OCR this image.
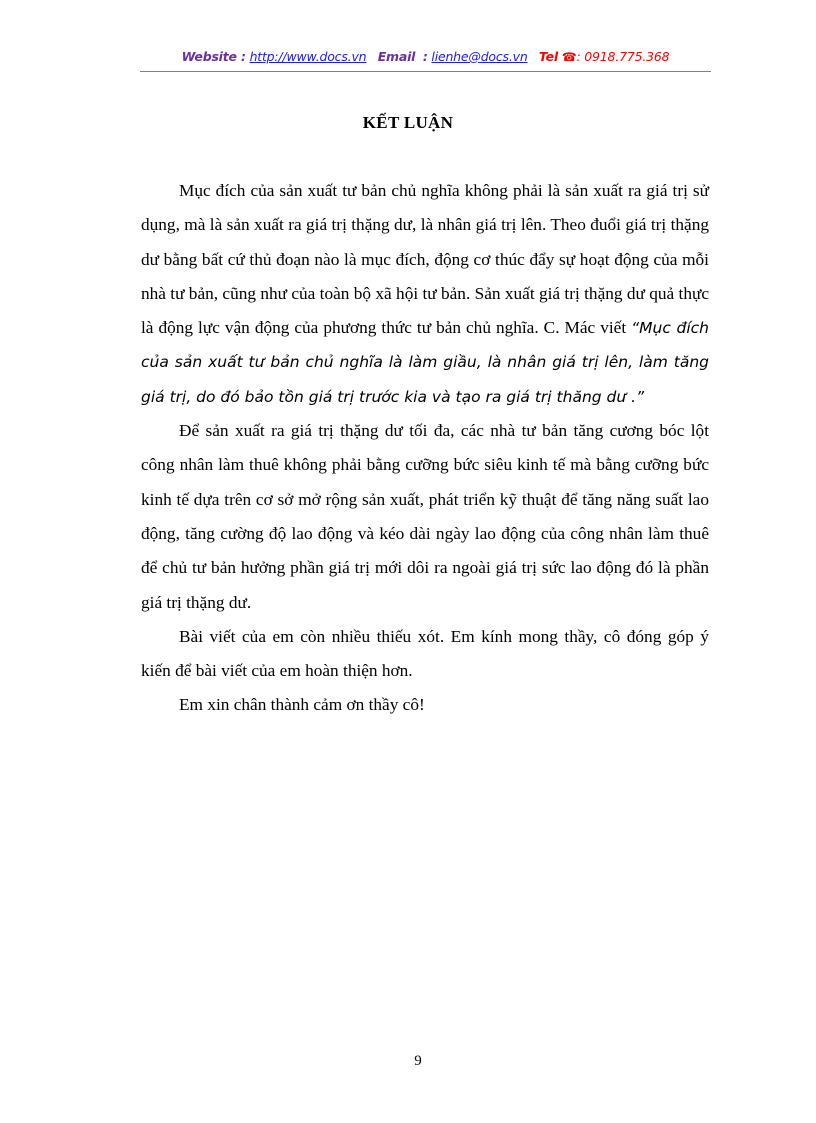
Website : http://www.docs.vn Email : lienhe@docs.vn Tel ☎: 0918.775.368
KẾT LUẬN

Mục đích của sản xuất tư bản chủ nghĩa không phải là sản xuất ra giá trị sử dụng, mà là sản xuất ra giá trị thặng dư, là nhân giá trị lên. Theo đuổi giá trị thặng dư bằng bất cứ thủ đoạn nào là mục đích, động cơ thúc đẩy sự hoạt động của mỗi nhà tư bản, cũng như của toàn bộ xã hội tư bản. Sản xuất giá trị thặng dư quả thực là động lực vận động của phương thức tư bản chủ nghĩa. C. Mác viết “Mục đích của sản xuất tư bản chủ nghĩa là làm giầu, là nhân giá trị lên, làm tăng giá trị, do đó bảo tồn giá trị trước kia và tạo ra giá trị thăng dư .”

Để sản xuất ra giá trị thặng dư tối đa, các nhà tư bản tăng cương bóc lột công nhân làm thuê không phải bằng cưỡng bức siêu kinh tế mà bằng cưỡng bức kinh tế dựa trên cơ sở mở rộng sản xuất, phát triển kỹ thuật để tăng năng suất lao động, tăng cường độ lao động và kéo dài ngày lao động của công nhân làm thuê để chủ tư bản hưởng phần giá trị mới dôi ra ngoài giá trị sức lao động đó là phần giá trị thặng dư.

Bài viết của em còn nhiều thiếu xót. Em kính mong thầy, cô đóng góp ý kiến để bài viết của em hoàn thiện hơn.

Em xin chân thành cảm ơn thầy cô!

9
